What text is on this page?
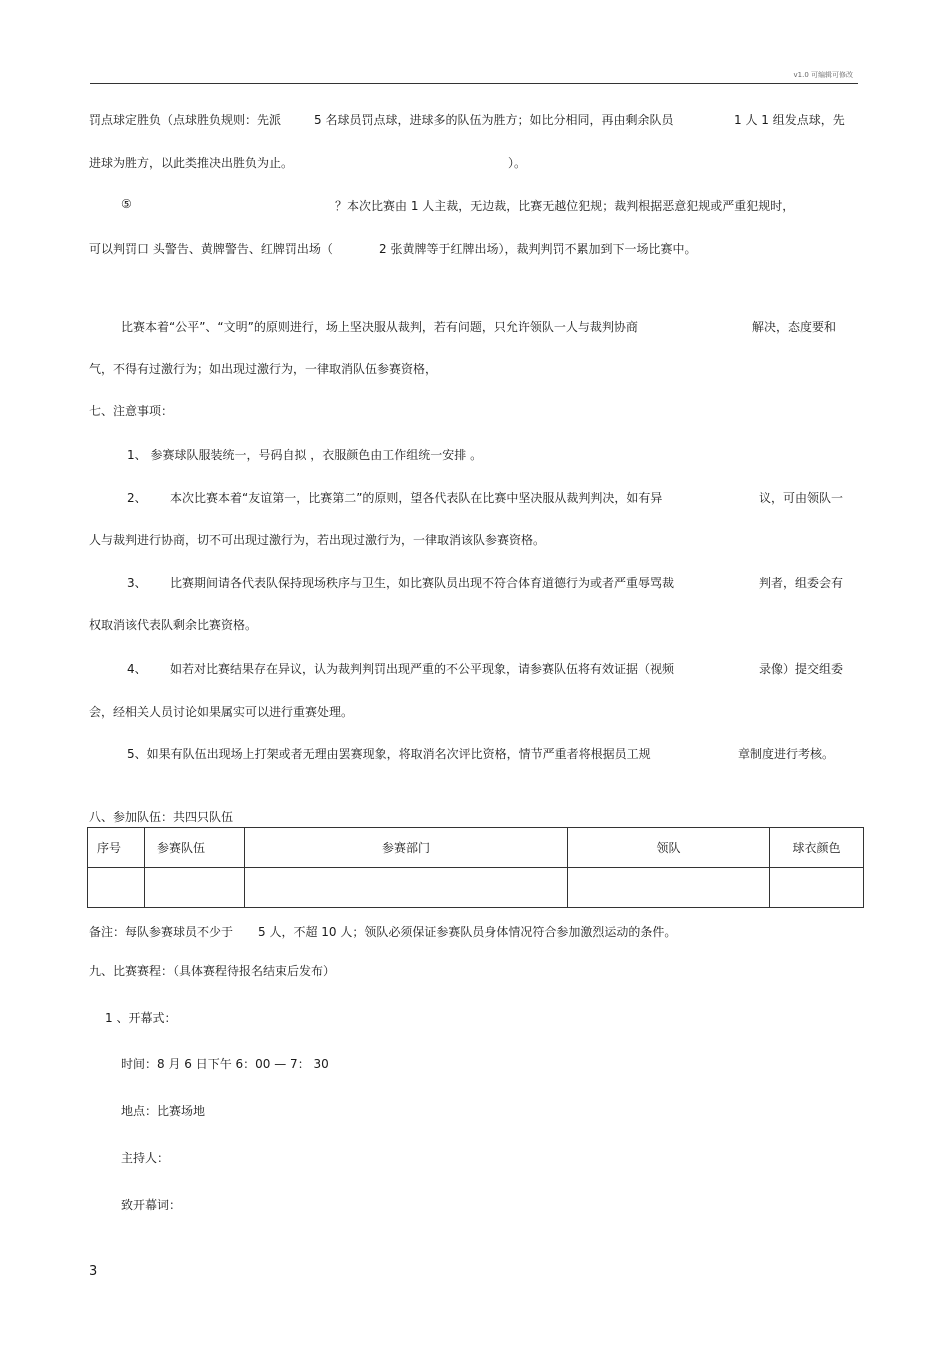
v1.0 可编辑可修改
罚点球定胜负（点球胜负规则：先派	5 名球员罚点球，进球多的队伍为胜方；如比分相同，再由剩余队员	1 人 1 组发点球，先
进球为胜方，以此类推决出胜负为止。	）。
⑤	？本次比赛由 1 人主裁，无边裁，比赛无越位犯规；裁判根据恶意犯规或严重犯规时，
可以判罚口 头警告、黄牌警告、红牌罚出场（	2 张黄牌等于红牌出场），裁判判罚不累加到下一场比赛中。
比赛本着“公平”、“文明”的原则进行，场上坚决服从裁判，若有问题，只允许领队一人与裁判协商	解决，态度要和
气，不得有过激行为；如出现过激行为，一律取消队伍参赛资格，
七、注意事项：
1、 参赛球队服装统一，号码自拟 ，衣服颜色由工作组统一安排 。
2、 本次比赛本着“友谊第一，比赛第二”的原则，望各代表队在比赛中坚决服从裁判判决，如有异	议，可由领队一
人与裁判进行协商，切不可出现过激行为，若出现过激行为，一律取消该队参赛资格。
3、 比赛期间请各代表队保持现场秩序与卫生，如比赛队员出现不符合体育道德行为或者严重辱骂裁	判者，组委会有
权取消该代表队剩余比赛资格。
4、 如若对比赛结果存在异议，认为裁判判罚出现严重的不公平现象，请参赛队伍将有效证据（视频	录像）提交组委
会，经相关人员讨论如果属实可以进行重赛处理。
5、如果有队伍出现场上打架或者无理由罢赛现象，将取消名次评比资格，情节严重者将根据员工规	章制度进行考核。
八、参加队伍：共四只队伍
备注：每队参赛球员不少于 5 人，不超 10 人；领队必须保证参赛队员身体情况符合参加激烈运动的条件。
九、比赛赛程：（具体赛程待报名结束后发布）
1 、开幕式：
时间：8 月 6 日下午 6：00 — 7： 30
地点：比赛场地
主持人：
致开幕词：
序号	参赛队伍	参赛部门	领队	球衣颜色

3
